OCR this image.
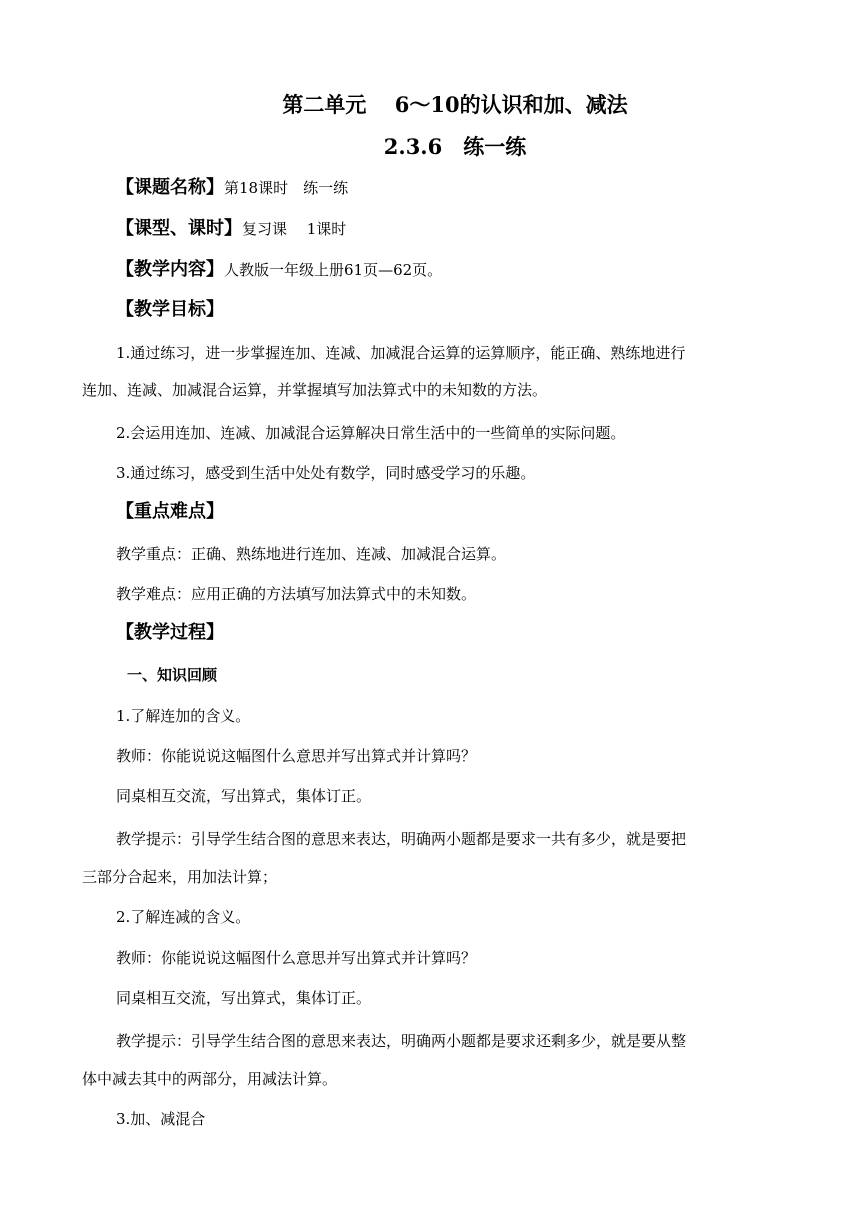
第二单元　 6～10的认识和加、减法
2.3.6　练一练
【课题名称】第18课时　练一练
【课型、课时】复习课　 1课时
【教学内容】人教版一年级上册61页—62页。
【教学目标】
1.通过练习，进一步掌握连加、连减、加减混合运算的运算顺序，能正确、熟练地进行
连加、连减、加减混合运算，并掌握填写加法算式中的未知数的方法。
2.会运用连加、连减、加减混合运算解决日常生活中的一些简单的实际问题。
3.通过练习，感受到生活中处处有数学，同时感受学习的乐趣。
【重点难点】
教学重点：正确、熟练地进行连加、连减、加减混合运算。
教学难点：应用正确的方法填写加法算式中的未知数。
【教学过程】
一、知识回顾
1.了解连加的含义。
教师：你能说说这幅图什么意思并写出算式并计算吗？
同桌相互交流，写出算式，集体订正。
教学提示：引导学生结合图的意思来表达，明确两小题都是要求一共有多少，就是要把
三部分合起来，用加法计算；
2.了解连减的含义。
教师：你能说说这幅图什么意思并写出算式并计算吗？
同桌相互交流，写出算式，集体订正。
教学提示：引导学生结合图的意思来表达，明确两小题都是要求还剩多少，就是要从整
体中减去其中的两部分，用减法计算。
3.加、减混合
